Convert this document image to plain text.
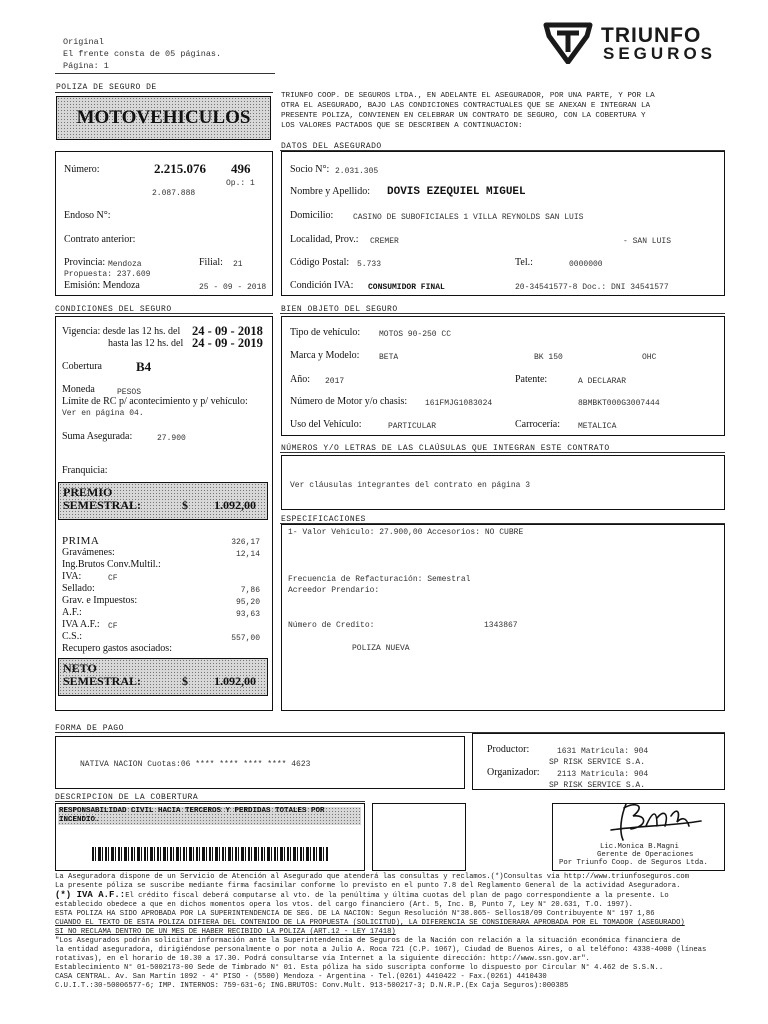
Original
El frente consta de 05 páginas.
Página: 1
TRIUNFO
SEGUROS
POLIZA DE SEGURO DE
MOTOVEHICULOS
TRIUNFO COOP. DE SEGUROS LTDA., EN ADELANTE EL ASEGURADOR, POR UNA PARTE, Y POR LA
OTRA EL ASEGURADO, BAJO LAS CONDICIONES CONTRACTUALES QUE SE ANEXAN E INTEGRAN LA
PRESENTE POLIZA, CONVIENEN EN CELEBRAR UN CONTRATO DE SEGURO, CON LA COBERTURA Y
LOS VALORES PACTADOS QUE SE DESCRIBEN A CONTINUACION:
DATOS DEL ASEGURADO
Número:	2.215.076 496
Op.: 1
2.087.888
Endoso N°:
Contrato anterior:
Provincia: Mendoza	Filial: 21
Propuesta: 237.609
Emisión: Mendoza	25 - 09 - 2018
Socio N°: 2.031.305
Nombre y Apellido: DOVIS EZEQUIEL MIGUEL
Domicilio: CASINO DE SUBOFICIALES 1 VILLA REYNOLDS SAN LUIS
Localidad, Prov.: CREMER	- SAN LUIS
Código Postal: 5.733	Tel.:	0000000
Condición IVA: CONSUMIDOR FINAL	20-34541577-8 Doc.: DNI 34541577
CONDICIONES DEL SEGURO	BIEN OBJETO DEL SEGURO
Vigencia: desde las 12 hs. del 24 - 09 - 2018
hasta las 12 hs. del 24 - 09 - 2019
Cobertura	B4
Moneda	PESOS
Límite de RC p/ acontecimiento y p/ vehículo:
Ver en página 04.
Suma Asegurada:	27.900
Franquicia:
PREMIO
SEMESTRAL:	$ 1.092,00
PRIMA	326,17
Gravámenes:	12,14
Ing.Brutos Conv.Multil.:
IVA:	CF
Sellado:	7,86
Grav. e Impuestos:	95,20
A.F.:	93,63
IVA A.F.: CF
C.S.:	557,00
Recupero gastos asociados:
NETO
SEMESTRAL:	$ 1.092,00
Tipo de vehículo: MOTOS 90-250 CC
Marca y Modelo: BETA	BK 150	OHC
Año: 2017	Patente:	A DECLARAR
Número de Motor y/o chasis: 161FMJG1083024	8BMBKT000G3007444
Uso del Vehículo:	PARTICULAR	Carrocería: METALICA
NÚMEROS Y/O LETRAS DE LAS CLAÚSULAS QUE INTEGRAN ESTE CONTRATO
Ver cláusulas integrantes del contrato en página 3
ESPECIFICACIONES
1- Valor Vehiculo: 27.900,00 Accesorios: NO CUBRE
Frecuencia de Refacturación: Semestral
Acreedor Prendario:
Número de Credito:	1343867
POLIZA NUEVA
FORMA DE PAGO
NATIVA NACION Cuotas:06 **** **** **** **** 4623
Productor:	1631 Matricula: 904
SP RISK SERVICE S.A.
Organizador: 2113 Matricula: 904
SP RISK SERVICE S.A.
DESCRIPCION DE LA COBERTURA
RESPONSABILIDAD CIVIL HACIA TERCEROS Y PERDIDAS TOTALES POR
INCENDIO.
Lic.Monica B.Magni
Gerente de Operaciones
Por Triunfo Coop. de Seguros Ltda.
La Aseguradora dispone de un Servicio de Atención al Asegurado que atenderá las consultas y reclamos.(*)Consultas vía http://www.triunfoseguros.com
La presente póliza se suscribe mediante firma facsimilar conforme lo previsto en el punto 7.8 del Reglamento General de la actividad Aseguradora.
(*) IVA A.F.:El crédito fiscal deberá computarse al vto. de la penúltima y última cuotas del plan de pago correspondiente a la presente. Lo
establecido obedece a que en dichos momentos opera los vtos. del cargo financiero (Art. 5, Inc. B, Punto 7, Ley N° 20.631, T.O. 1997).
ESTA POLIZA HA SIDO APROBADA POR LA SUPERINTENDENCIA DE SEG. DE LA NACION: Segun Resolución N°38.065- Sellos18/09 Contribuyente N° 197 1,86
CUANDO EL TEXTO DE ESTA POLIZA DIFIERA DEL CONTENIDO DE LA PROPUESTA (SOLICITUD), LA DIFERENCIA SE CONSIDERARA APROBADA POR EL TOMADOR (ASEGURADO)
SI NO RECLAMA DENTRO DE UN MES DE HABER RECIBIDO LA POLIZA (ART.12 - LEY 17418)
"Los Asegurados podrán solicitar información ante la Superintendencia de Seguros de la Nación con relación a la situación económica financiera de
la entidad aseguradora, dirigiéndose personalmente o por nota a Julio A. Roca 721 (C.P. 1067), Ciudad de Buenos Aires, o al teléfono: 4338-4000 (líneas
rotativas), en el horario de 10.30 a 17.30. Podrá consultarse vía Internet a la siguiente dirección: http://www.ssn.gov.ar".
Establecimiento N° 01-5002173-00 Sede de Timbrado N° 01. Esta póliza ha sido suscripta conforme lo dispuesto por Circular N° 4.462 de S.S.N..
CASA CENTRAL. Av. San Martín 1092 - 4° PISO - (5500) Mendoza - Argentina - Tel.(0261) 4410422 - Fax.(0261) 4410430
C.U.I.T.:30-50006577-6; IMP. INTERNOS: 759-631-6; ING.BRUTOS: Conv.Mult. 913-500217-3; D.N.R.P.(Ex Caja Seguros):000385
